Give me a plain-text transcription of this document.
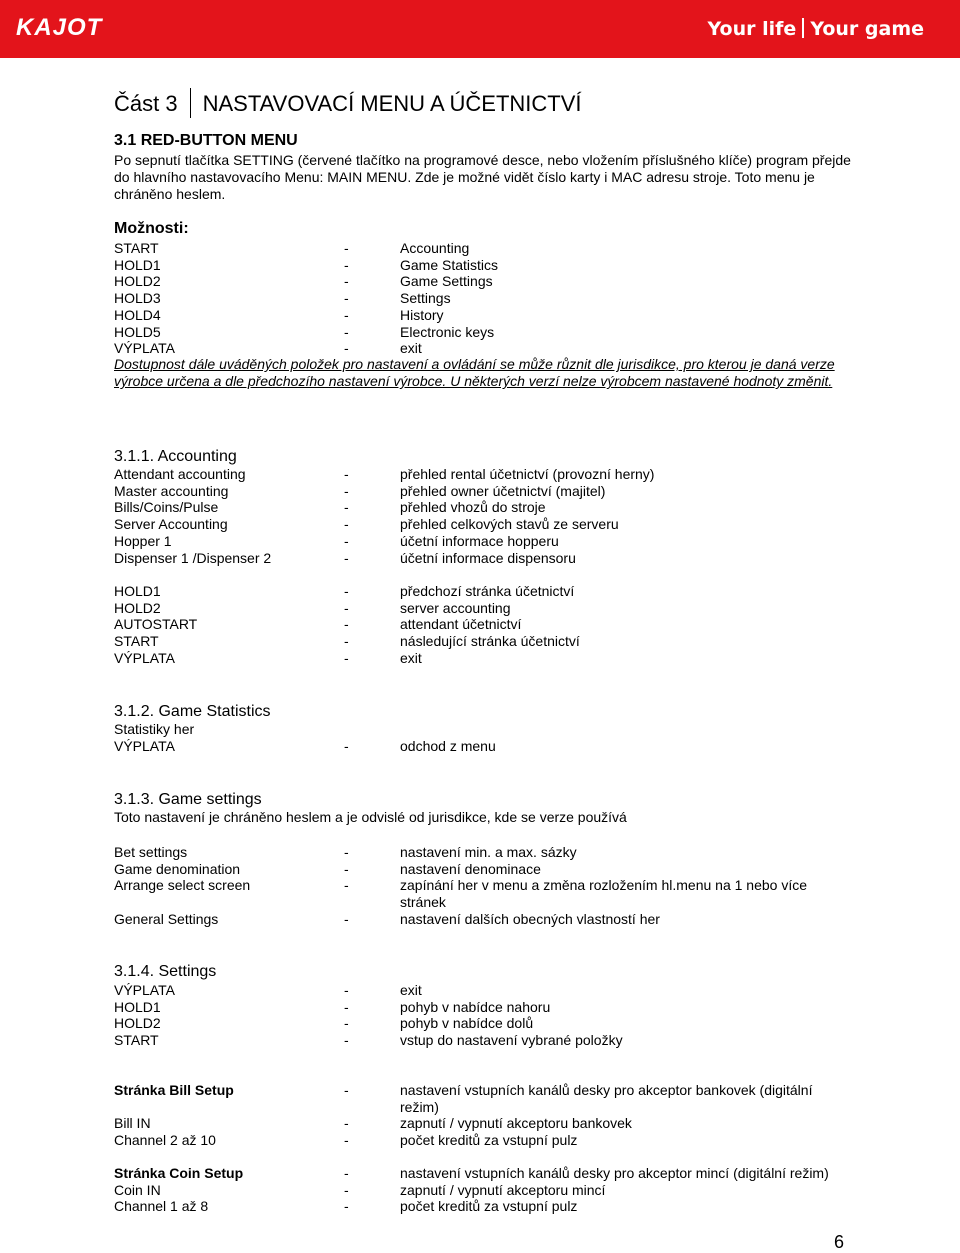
KAJOT	Your life Your game
Část 3 NASTAVOVACÍ MENU A ÚČETNICTVÍ
3.1 RED-BUTTON MENU
Po sepnutí tlačítka SETTING (červené tlačítko na programové desce, nebo vložením příslušného klíče) program přejde do hlavního nastavovacího Menu: MAIN MENU. Zde je možné vidět číslo karty i MAC adresu stroje. Toto menu je chráněno heslem.
Možnosti:
START	-	Accounting
HOLD1	-	Game Statistics
HOLD2	-	Game Settings
HOLD3	-	Settings
HOLD4	-	History
HOLD5	-	Electronic keys
VÝPLATA	-	exit
Dostupnost dále uváděných položek pro nastavení a ovládání se může různit dle jurisdikce, pro kterou je daná verze výrobce určena a dle předchozího nastavení výrobce. U některých verzí nelze výrobcem nastavené hodnoty změnit.
3.1.1. Accounting
Attendant accounting	-	přehled rental účetnictví (provozní herny)
Master accounting	-	přehled owner účetnictví (majitel)
Bills/Coins/Pulse	-	přehled vhozů do stroje
Server Accounting	-	přehled celkových stavů ze serveru
Hopper 1	-	účetní informace hopperu
Dispenser 1 /Dispenser 2	-	účetní informace dispensoru
HOLD1	-	předchozí stránka účetnictví
HOLD2	-	server accounting
AUTOSTART	-	attendant účetnictví
START	-	následující stránka účetnictví
VÝPLATA	-	exit
3.1.2. Game Statistics
Statistiky her
VÝPLATA	-	odchod z menu
3.1.3. Game settings
Toto nastavení je chráněno heslem a je odvislé od jurisdikce, kde se verze používá
Bet settings	-	nastavení min. a max. sázky
Game denomination	-	nastavení denominace
Arrange select screen	-	zapínání her v menu a změna rozložením hl.menu na 1 nebo více stránek
General Settings	-	nastavení dalších obecných vlastností her
3.1.4. Settings
VÝPLATA	-	exit
HOLD1	-	pohyb v nabídce nahoru
HOLD2	-	pohyb v nabídce dolů
START	-	vstup do nastavení vybrané položky
Stránka Bill Setup	-	nastavení vstupních kanálů desky pro akceptor bankovek (digitální režim)
Bill IN	-	zapnutí / vypnutí akceptoru bankovek
Channel 2 až 10	-	počet kreditů za vstupní pulz
Stránka Coin Setup	-	nastavení vstupních kanálů desky pro akceptor mincí (digitální režim)
Coin IN	-	zapnutí / vypnutí akceptoru mincí
Channel 1 až 8	-	počet kreditů za vstupní pulz
6
